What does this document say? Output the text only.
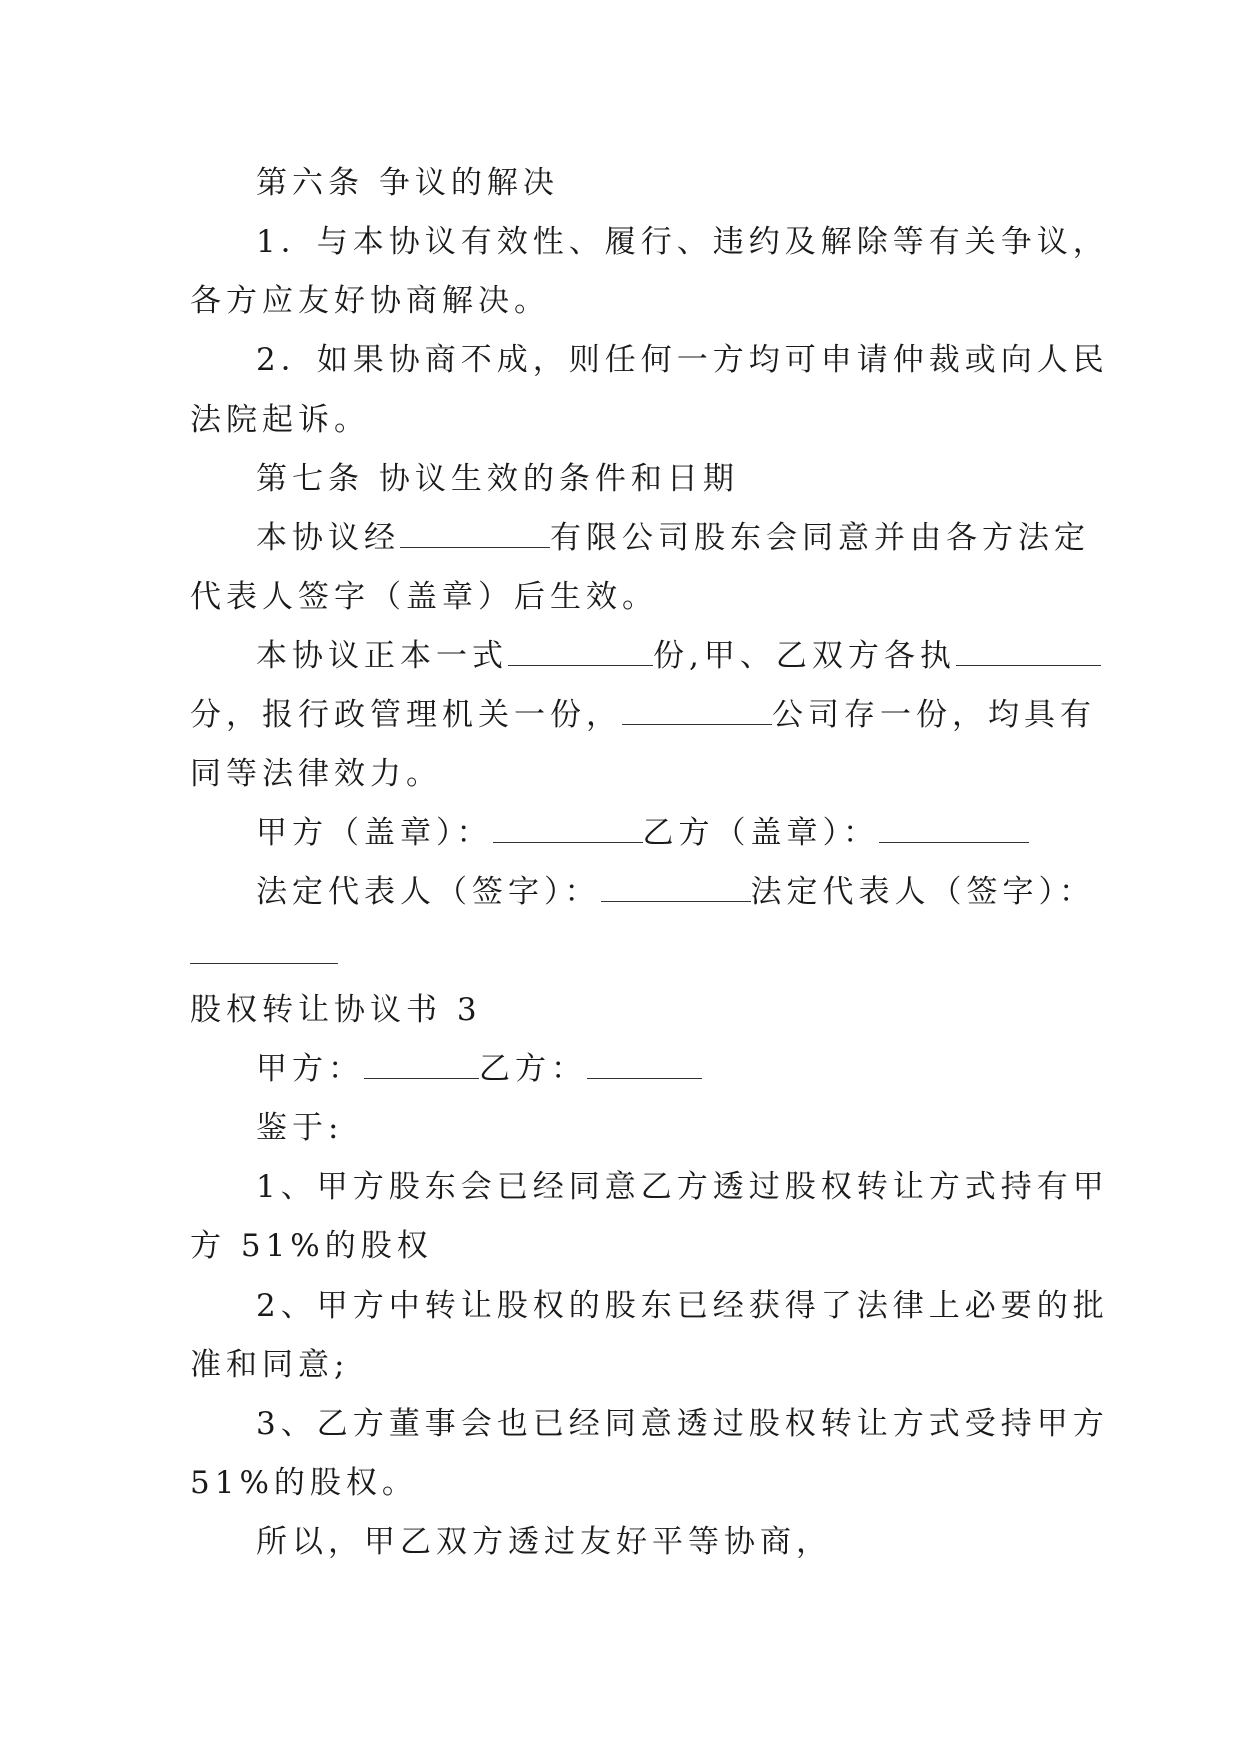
第六条 争议的解决
1．与本协议有效性、履行、违约及解除等有关争议，
各方应友好协商解决。
2．如果协商不成，则任何一方均可申请仲裁或向人民
法院起诉。
第七条 协议生效的条件和日期
本协议经	有限公司股东会同意并由各方法定
代表人签字（盖章）后生效。
本协议正本一式	份,甲、乙双方各执
分，报行政管理机关一份，	公司存一份，均具有
同等法律效力。
甲方（盖章）：	乙方（盖章）：
法定代表人（签字）：	法定代表人（签字）：
股权转让协议书 3
甲方：	乙方：
鉴于:
1、甲方股东会已经同意乙方透过股权转让方式持有甲
方 51%的股权
2、甲方中转让股权的股东已经获得了法律上必要的批
准和同意;
3、乙方董事会也已经同意透过股权转让方式受持甲方
51%的股权。
所以，甲乙双方透过友好平等协商，
